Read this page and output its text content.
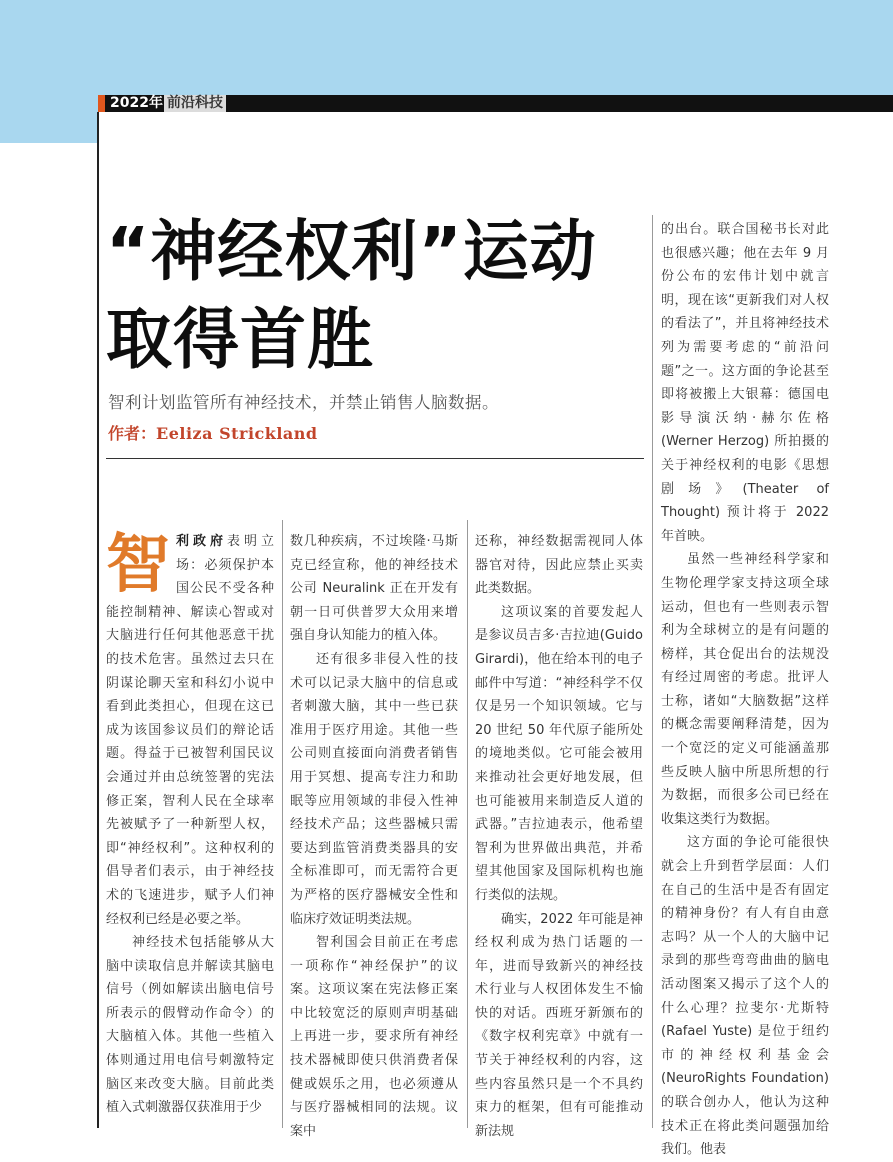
2022年 前沿科技
“神经权利”运动
取得首胜
智利计划监管所有神经技术，并禁止销售人脑数据。
作者：Eeliza Strickland

智利政府表明立场：必须保护本国公民不受各种能控制精神、解读心智或对大脑进行任何其他恶意干扰的技术危害。虽然过去只在阴谋论聊天室和科幻小说中看到此类担心，但现在这已成为该国参议员们的辩论话题。得益于已被智利国民议会通过并由总统签署的宪法修正案，智利人民在全球率先被赋予了一种新型人权，即“神经权利”。这种权利的倡导者们表示，由于神经技术的飞速进步，赋予人们神经权利已经是必要之举。

神经技术包括能够从大脑中读取信息并解读其脑电信号（例如解读出脑电信号所表示的假臂动作命令）的大脑植入体。其他一些植入体则通过用电信号刺激特定脑区来改变大脑。目前此类植入式刺激器仅获准用于少

数几种疾病，不过埃隆·马斯克已经宣称，他的神经技术公司 Neuralink 正在开发有朝一日可供普罗大众用来增强自身认知能力的植入体。

还有很多非侵入性的技术可以记录大脑中的信息或者刺激大脑，其中一些已获准用于医疗用途。其他一些公司则直接面向消费者销售用于冥想、提高专注力和助眠等应用领域的非侵入性神经技术产品；这些器械只需要达到监管消费类器具的安全标准即可，而无需符合更为严格的医疗器械安全性和临床疗效证明类法规。

智利国会目前正在考虑一项称作“神经保护”的议案。这项议案在宪法修正案中比较宽泛的原则声明基础上再进一步，要求所有神经技术器械即使只供消费者保健或娱乐之用，也必须遵从与医疗器械相同的法规。议案中

还称，神经数据需视同人体器官对待，因此应禁止买卖此类数据。

这项议案的首要发起人是参议员吉多·吉拉迪(Guido Girardi)，他在给本刊的电子邮件中写道：“神经科学不仅仅是另一个知识领域。它与 20 世纪 50 年代原子能所处的境地类似。它可能会被用来推动社会更好地发展，但也可能被用来制造反人道的武器。”吉拉迪表示，他希望智利为世界做出典范，并希望其他国家及国际机构也施行类似的法规。

确实，2022 年可能是神经权利成为热门话题的一年，进而导致新兴的神经技术行业与人权团体发生不愉快的对话。西班牙新颁布的《数字权利宪章》中就有一节关于神经权利的内容，这些内容虽然只是一个不具约束力的框架，但有可能推动新法规

的出台。联合国秘书长对此也很感兴趣；他在去年 9 月份公布的宏伟计划中就言明，现在该“更新我们对人权的看法了”，并且将神经技术列为需要考虑的“前沿问题”之一。这方面的争论甚至即将被搬上大银幕：德国电影导演沃纳·赫尔佐格 (Werner Herzog) 所拍摄的关于神经权利的电影《思想剧场》(Theater of Thought) 预计将于 2022 年首映。

虽然一些神经科学家和生物伦理学家支持这项全球运动，但也有一些则表示智利为全球树立的是有问题的榜样，其仓促出台的法规没有经过周密的考虑。批评人士称，诸如“大脑数据”这样的概念需要阐释清楚，因为一个宽泛的定义可能涵盖那些反映人脑中所思所想的行为数据，而很多公司已经在收集这类行为数据。

这方面的争论可能很快就会上升到哲学层面：人们在自己的生活中是否有固定的精神身份？有人有自由意志吗？从一个人的大脑中记录到的那些弯弯曲曲的脑电活动图案又揭示了这个人的什么心理？拉斐尔·尤斯特 (Rafael Yuste) 是位于纽约市的神经权利基金会 (NeuroRights Foundation) 的联合创办人，他认为这种技术正在将此类问题强加给我们。他表
